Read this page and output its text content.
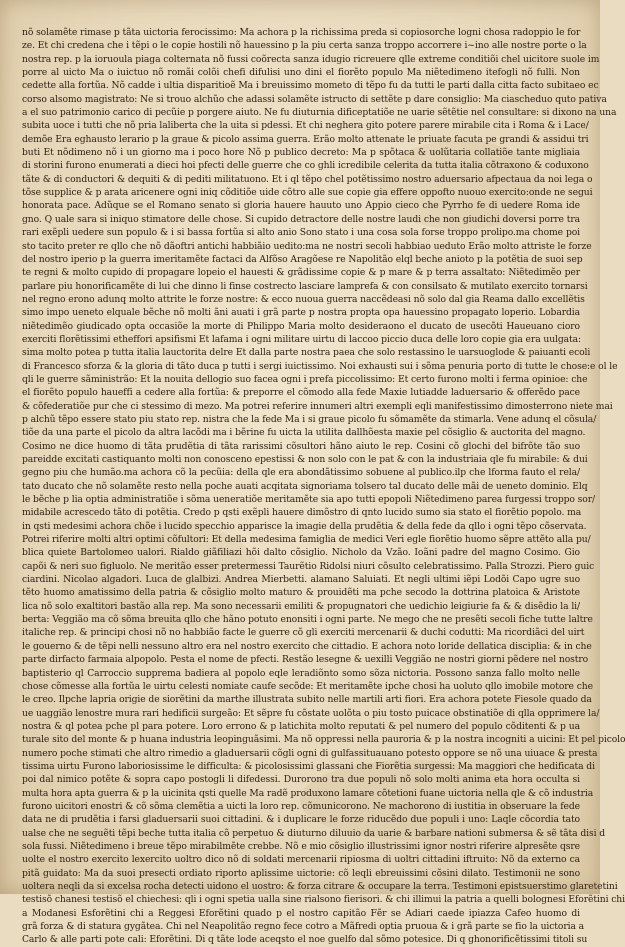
nõ solamẽte rimase p tãta uictoria ferocissimo: Ma achora p la richissima preda si copiosorche logni chosa radoppio le for
ze. Et chi credena che i tẽpi o le copie hostili nõ hauessino p la piu certa sanza troppo accorrere i~ino alle nostre porte o la
nostra rep. p la ioruoula piaga colternata nõ fussi coõrecta sanza idugio ricreuere qlle extreme conditiõi chel uicitore suole im
porre al uicto Ma o iuictuo nõ romãi colõi chefi difulisi uno dini el fiorẽto populo Ma niẽtedimeno itefogli nõ fulli. Non
cedette alla fortũa. Nõ cadde i ultia disparitioẽ Ma i breuissimo mometo di tẽpo fu da tutti le parti dalla citta facto subitaeo ec
corso alsomo magistrato: Ne si trouo alchũo che adassi solamẽte istructo di settẽte p dare consiglio: Ma ciascheduo quto pativa
a el suo patrimonio carico di pecũie p porgere aiuto. Ne fu diuturnia dificeptatiõe ne uarie sẽtẽtie nel consultare: si dixono na una
subita uoce i tutti che nõ pria laliberta che la uita si pdessi. Et chi neghera gito potere parere mirabile cita i Roma & i Lace/
demõe Era eghausto lerario p la graue & picolo assima guerra. Erão molto attenate le priuate facuta pe grandi & assidui tri
buti Et nõdimeno nõ i un giorno ma i poco hore Nõ p publico decreto: Ma p spõtaca & uolũtaria collatiõe tante migliaia
di storini furono enumerati a dieci hoi pfecti delle guerre che co ghli icredibile celerita da tutta italia cõtraxono & coduxono
tãte & di conductori & dequiti & di pediti militatuono. Et i ql tẽpo chel potẽtissimo nostro aduersario afpectaua da noi lega o
tõse supplice & p arata aricenere ogni iniq cõditiõe uide cõtro alle sue copie gia effere oppofto nuouo exercito:onde ne segui
honorata pace. Adũque se el Romano senato si gloria hauere hauuto uno Appio cieco che Pyrrho fe di uedere Roma ide
gno. Q uale sara si iniquo stimatore delle chose. Si cupido detractore delle nostre laudi che non giudichi doversi porre tra
rari exẽpli uedere sun populo & i si bassa fortũa si alto anio Sono stato i una cosa sola forse troppo prolipo.ma chome poi
sto tacito preter re qllo che nõ dãoftri antichi habbiãio uedito:ma ne nostri secoli habbiao ueduto Erão molto attriste le forze
del nostro iperio p la guerra imeritamẽte factaci da Alfõso Aragõese re Napolitão elql beche anioto p la potẽtia de suoi sep
te regni & molto cupido di propagare lopeio el hauesti & grãdissime copie & p mare & p terra assaltato: Niẽtedimẽo per
parlare piu honorificamẽte di lui che dinno li finse costrecto lasciare lamprefa & con consilsato & mutilato exercito tornarsi
nel regno erono adunq molto attrite le forze nostre: & ecco nuoua guerra naccẽdeasi nõ solo dal gia Reama dallo excellẽtis
simo impo ueneto elquale bẽche nõ molti ãni auati i grã parte p nostra propta opa hauessino propagato loperio. Lobardia
niẽtedimẽo giudicado opta occasiõe la morte di Philippo Maria molto desideraono el ducato de usecõti Haueuano cioro
exerciti florẽtissimi etheffori apsifismi Et lafama i ogni militare uirtu di laccoo piccio duca delle loro copie gia era uulgata:
sima molto potea p tutta italia lauctorita delre Et dalla parte nostra paea che solo restassino le uarsuoglode & paiuanti ecoli
di Francesco sforza & la gloria di tãto duca p tutti i sergi iuictissimo. Noi exhausti sui i sõma penuria porto di tutte le chose:e ol le
qli le guerre sãministrão: Et la nouita dellogio suo facea ogni i prefa piccolissimo: Et certo furono molti i ferma opinioe: che
el fiorẽto populo haueffi a cedere alla fortũa: & preporre el cõmodo alla fede Maxie lutiadde laduersario & offerẽdo pace
& cõfederatiõe pur che ci stessimo di mezo. Ma potrei referire innumeri altri exempli eqli manifestissimo dimosterrono niete mai
p alchũ tẽpo essere stato piu stato rep. nistra che la fede Ma i si graue picolo fu sõmamẽte da stimarla. Vene adunq el cõsula/
tiõe da una parte el picolo da altra lacõdi ma i bẽrine fu uicta la utilita dallhõesta maxie pel cõsiglio & auctorita del magno.
Cosimo ne dice huomo di tãta prudẽtia di tãta rarissimi cõsultori hãno aiuto le rep. Cosini cõ glochi del bifrõte tão suo
pareidde excitati castiquanto molti non conosceno epestissi & non solo con le pat & con la industriaia qle fu mirabile: & dui
gegno piu che humão.ma achora cõ la pecũia: della qle era abondãtissimo sobuene al publico.ilp che lforma fauto el rela/
tato ducato che nõ solamẽte resto nella poche auati acqitata signoriama tolsero tal ducato delle mãi de ueneto dominio. Elq
le bẽche p lia optia administratiõe i sõma ueneratiõe meritamẽte sia apo tutti epopoli Niẽtedimeno parea furgessi troppo sor/
midabile acrescedo tãto di potẽtia. Credo p qsti exẽpli hauere dimõstro di qnto lucido sumo sia stato el fiorẽtio popolo. ma
in qsti medesimi achora chõe i lucido specchio apparisce la imagie della prudẽtia & della fede da qllo i ogni tẽpo cõservata.
Potrei riferire molti altri optimi cõfultori: Et della medesima famiglia de medici Veri egle fiorẽtio huomo sẽpre attẽto alla pu/
blica quiete Bartolomeo ualori. Rialdo giãfiliazi hõi dalto cõsiglio. Nicholo da Vzão. Ioãni padre del magno Cosimo. Gio
capõi & neri suo figluolo. Ne meritão esser pretermessi Taurẽtio Ridolsi niuri cõsulto celebratissimo. Palla Strozzi. Piero guic
ciardini. Nicolao algadori. Luca de glalbizi. Andrea Mierbetti. alamano Saluiati. Et negli ultimi iẽpi Lodõi Capo ugre suo
tẽto huomo amatissimo della patria & cõsiglio molto maturo & prouidẽti ma pche secodo la dottrina platoica & Aristote
lica nõ solo exaltitori bastão alla rep. Ma sono necessarii emiliti & propugnatori che uedichio leigiurie fa & & disẽdio la li/
berta: Veggião ma cõ sõma breuita qllo che hãno potuto enonsiti i ogni parte. Ne mego che ne presẽti secoli fiche tutte laltre
italiche rep. & principi chosi nõ no habbião facte le guerre cõ gli exerciti mercenarii & duchi codutti: Ma ricordiãci del uirt
le gouerno & de tẽpi nelli nessuno altro era nel nostro exercito che cittadio. E achora noto loride dellatica disciplia: & in che
parte dirfacto farmaia alpopolo. Pesta el nome de pfecti. Restão lesegne & uexilli Veggião ne nostri giorni pẽdere nel nostro
baptisterio ql Carroccio supprema badiera al popolo eqle leradiõnto somo sõza nictoria. Possono sanza fallo molto nelle
chose cõmesse alla fortũa le uirtu celesti nomiate caufe secõde: Et meritamẽte ipche chosi ha uoluto qllo imobile motore che
le creo. Ilpche lapria origie de siorẽtini da marthe illustrata subito nelle martili arti fiori. Era achora potete Fiesole quado da
ue uaggião lenostre mura rari hedificii surgeão: Et sẽpre fu cõstate uolõta o piu tosto puicace obstinatiõe di qlla opprimere la/
nostra & ql potea pche pl para potere. Loro errono & p latichita molto reputati & pel numero del populo cõditenti & p ua
turale sito del monte & p huana industria leopinguãsimi. Ma nõ oppressi nella pauroria & p la nostra incogniti a uicini: Et pel picolo
numero poche stimati che altro rimedio a gladuersarii cõgli ogni di gulfassituauano potesto oppore se nõ una uiuace & presta
tissima uirtu Furono laboriosissime le difficulta: & picolosissimi glassani che Fiorẽtia surgessi: Ma maggiori che hedificata di
poi dal nimico potẽte & sopra capo postogli li difedessi. Durorono tra due populi nõ solo molti anima eta hora occulta si
multa hora apta guerra & p la uicinita qsti quelle Ma radẽ produxono lamare cõtetioni fuane uictoria nella qle & cõ industria
furono uicitori enostri & cõ sõma clemẽtia a uicti la loro rep. cõmunicorono. Ne machorono di iustitia in obseruare la fede
data ne di prudẽtia i farsi gladuersarii suoi cittadini. & i duplicare le forze riducẽdo due populi i uno: Laqle cõcordia tato
ualse che ne seguẽti tẽpi beche tutta italia cõ perpetuo & diuturno diluuio da uarie & barbare nationi submersa & sẽ tãta disi d
sola fussi. Niẽtedimeno i breue tẽpo mirabilmẽte crebbe. Nõ e mio cõsiglio illustrissimi ignor nostri riferire alpresẽte qsre
uolte el nostro exercito lexercito uoltro dico nõ di soldati mercenarii ripiosma di uoltri cittadini iftruito: Nõ da externo ca
pitã guidato: Ma da suoi presecti ordiato riporto aplissime uictorie: cõ leqli ebreuissimi cõsini dilato. Testimonii ne sono
uoltera neqli da si excelsa rocha detecti uidono el uostro: & forza citrare & occupare la terra. Testimoni epistsuerstimo glaretetini
testisõ chanesi testisõ el chiechesi: qli i ogni spetia ualla sine rialsono fierisori. & chi illimui la patria a quelli bolognesi Eforẽtini chi
a Modanesi Esforẽtini chi a Reggesi Eforẽtini quado p el nostro capitão Fẽr se Adiari caede ipiazza Cafeo huomo di
grã forza & di statura gygãtea. Chi nel Neapolitão regno fece cotro a Mãfredi optia pruoua & i grã parte se fio la uictoria a
Carlo & alle parti pote cali: Eforẽtini. Di q tãte lode aceqsto el noe guelfo dal sõmo potesice. Di q ghonorificẽtissimi titoli su
